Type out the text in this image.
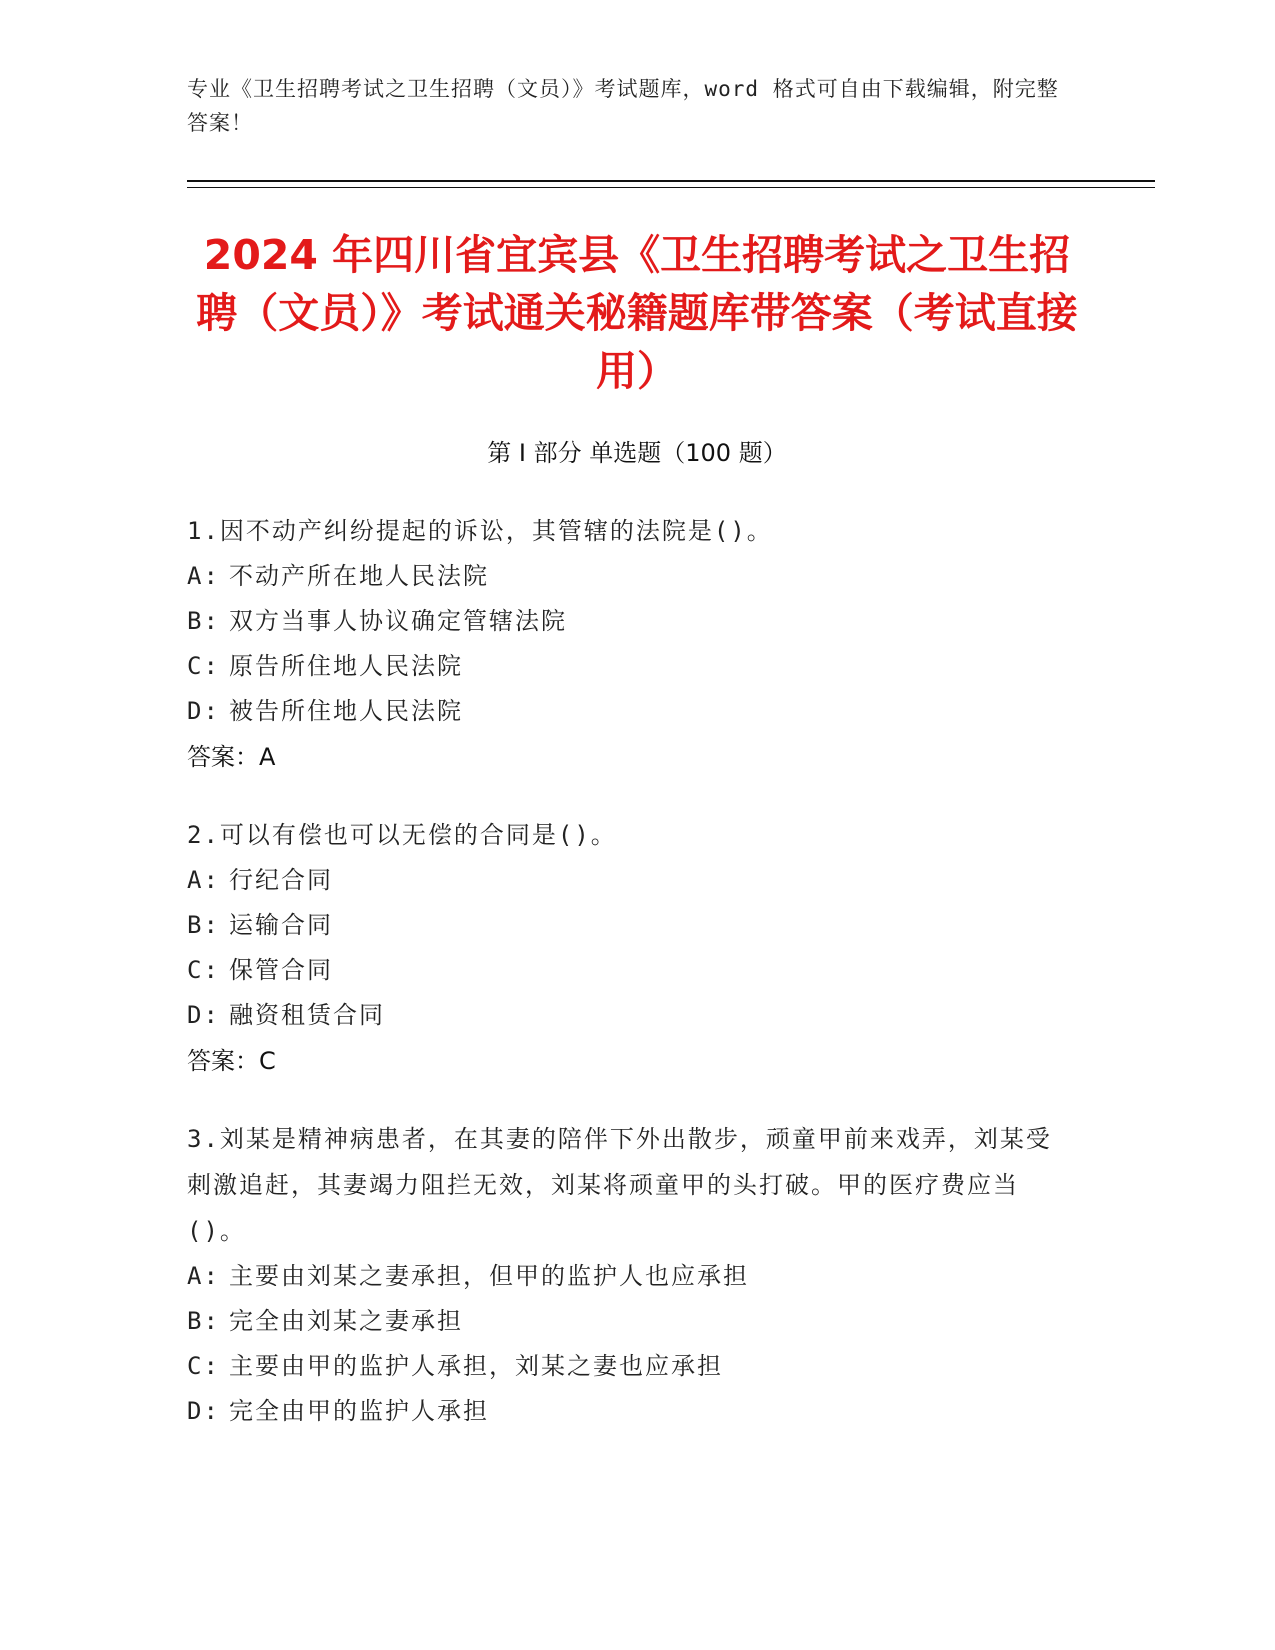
专业《卫生招聘考试之卫生招聘（文员）》考试题库，word 格式可自由下载编辑，附完整答案！
2024 年四川省宜宾县《卫生招聘考试之卫生招聘（文员）》考试通关秘籍题库带答案（考试直接用）
第 I 部分 单选题（100 题）
1.因不动产纠纷提起的诉讼，其管辖的法院是()。
A: 不动产所在地人民法院
B: 双方当事人协议确定管辖法院
C: 原告所住地人民法院
D: 被告所住地人民法院
答案：A
2.可以有偿也可以无偿的合同是()。
A: 行纪合同
B: 运输合同
C: 保管合同
D: 融资租赁合同
答案：C
3.刘某是精神病患者，在其妻的陪伴下外出散步，顽童甲前来戏弄，刘某受刺激追赶，其妻竭力阻拦无效，刘某将顽童甲的头打破。甲的医疗费应当()。
A: 主要由刘某之妻承担，但甲的监护人也应承担
B: 完全由刘某之妻承担
C: 主要由甲的监护人承担，刘某之妻也应承担
D: 完全由甲的监护人承担
